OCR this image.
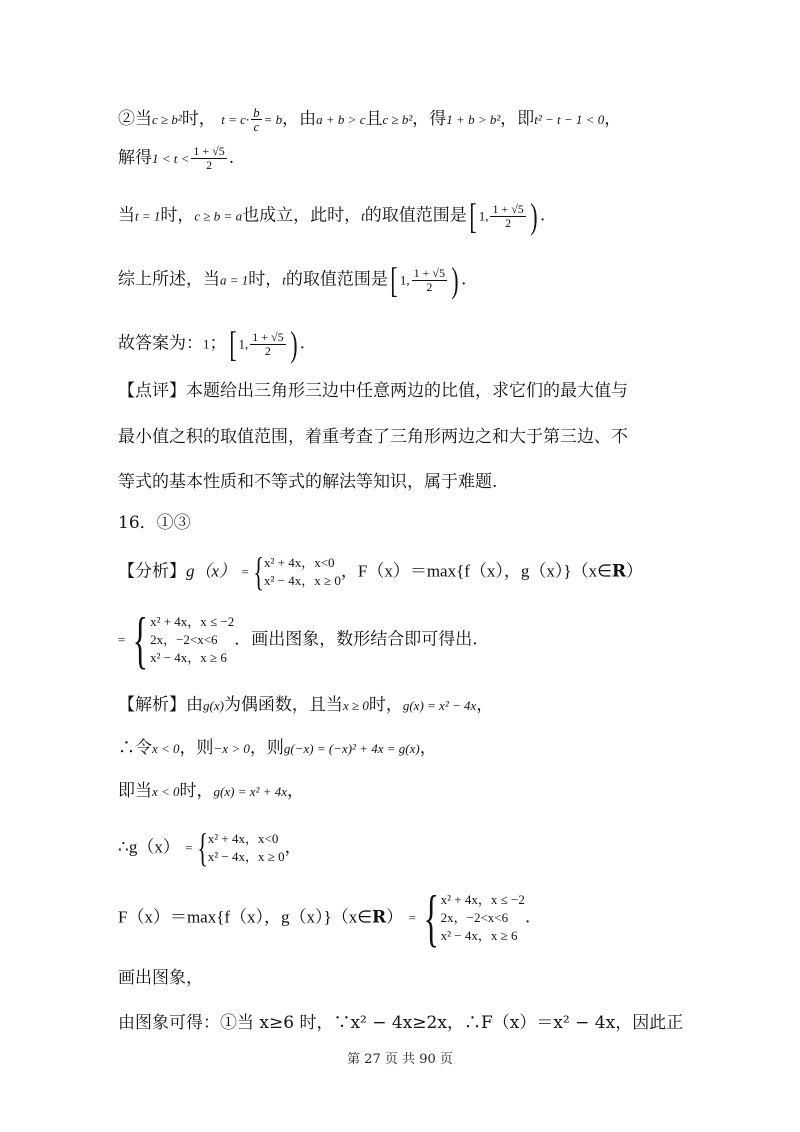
②当c ≥ b²时， $t = c\cdot \frac{b}{c} = b$，由a + b > c且c ≥ b²，得1 + b > b²，即t² − t − 1 < 0，
解得$1 < t < \frac{1 + √5}{2}$ .
当t = 1时，c ≥ b = a也成立，此时，t的取值范围是[ 1, $\frac{1 + √5}{2}$ ) .
综上所述，当a = 1时，t的取值范围是[ 1, $\frac{1 + √5}{2}$ ) .
故答案为：1；[ 1, $\frac{1 + √5}{2}$ ) .
【点评】本题给出三角形三边中任意两边的比值，求它们的最大值与
最小值之积的取值范围，着重考查了三角形两边之和大于第三边、不
等式的基本性质和不等式的解法等知识，属于难题.
16．①③
【分析】g（x） = { x² + 4x，x<0
x² − 4x，x ≥ 0 ，F（x）＝max{f（x），g（x）}（x∈R）
= { x² + 4x，x ≤ −2
2x，−2<x<6
x² − 4x，x ≥ 6
．画出图象，数形结合即可得出.
【解析】由g(x)为偶函数，且当x ≥ 0时，g(x) = x² − 4x，
∴令x < 0，则−x > 0，则g(−x) = (−x)² + 4x = g(x)，
即当x < 0时，g(x) = x² + 4x，
∴g（x） = { x² + 4x，x<0
x² − 4x，x ≥ 0 ，
F（x）＝max{f（x），g（x）}（x∈R） = { x² + 4x，x ≤ −2
2x，−2<x<6
x² − 4x，x ≥ 6
.
画出图象，
由图象可得：①当 x≥6 时，∵x² − 4x≥2x，∴F（x）＝x² − 4x，因此正
第 27 页 共 90 页
